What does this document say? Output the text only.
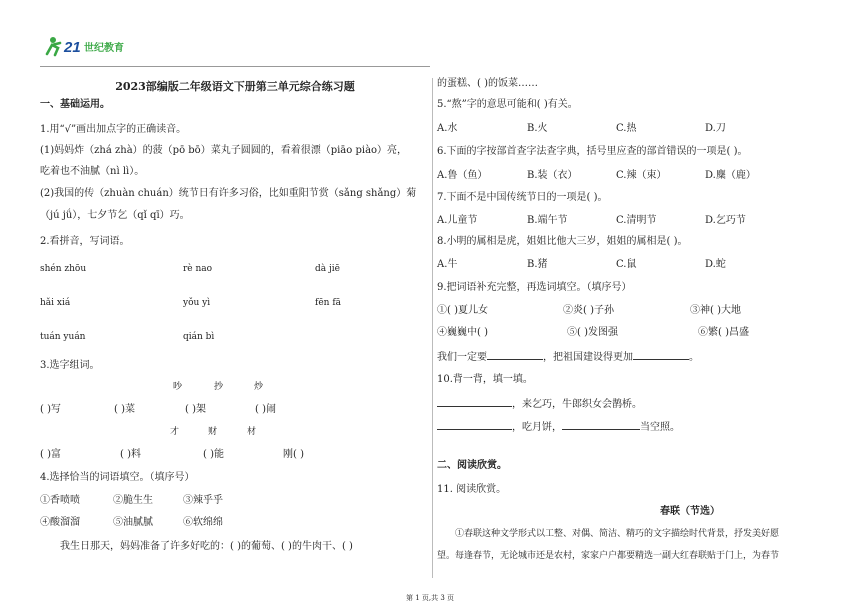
21 世纪教育
2023部编版二年级语文下册第三单元综合练习题
一、基础运用。
1.用“√”画出加点字的正确读音。
(1)妈妈炸（zhá zhà）的菠（pō bō）菜丸子圆圆的，看着很漂（piāo piào）亮，
吃着也不油腻（nì lì）。
(2)我国的传（zhuàn chuán）统节日有许多习俗，比如重阳节赏（sǎng shǎng）菊
（jú jǘ），七夕节乞（qǐ qī）巧。
2.看拼音，写词语。
shén zhōu	rè nao	dà jiē
hǎi xiá	yǒu yì	fēn fā
tuán yuán	qián bì
3.选字组词。
吵	抄	炒
( )写	( )菜	( )架	( )闹
才	财	材
( )富	( )料	( )能	刚( )
4.选择恰当的词语填空。（填序号）
①香喷喷	②脆生生	③辣乎乎
④酸溜溜	⑤油腻腻	⑥软绵绵
我生日那天，妈妈准备了许多好吃的：( )的葡萄、( )的牛肉干、( )
的蛋糕、( )的饭菜……
5.“熬”字的意思可能和( )有关。
A.水	B.火	C.热	D.刀
6.下面的字按部首查字法查字典，括号里应查的部首错误的一项是( )。
A.鲁（鱼）	B.装（衣）	C.辣（束）	D.麋（鹿）
7.下面不是中国传统节日的一项是( )。
A.儿童节	B.端午节	C.清明节	D.乞巧节
8.小明的属相是虎，姐姐比他大三岁，姐姐的属相是( )。
A.牛	B.猪	C.鼠	D.蛇
9.把词语补充完整，再选词填空。（填序号）
①( )夏儿女	②炎( )子孙	③神( )大地
④巍巍中( )	⑤( )发图强	⑥繁( )昌盛
我们一定要	，把祖国建设得更加	。
10.背一背，填一填。
，来乞巧，牛郎织女会鹊桥。
，吃月饼，	当空照。
二、阅读欣赏。
11. 阅读欣赏。
春联（节选）
①春联这种文学形式以工整、对偶、简洁、精巧的文字描绘时代背景，抒发美好愿
望。每逢春节，无论城市还是农村，家家户户都要精选一副大红春联贴于门上，为春节
第 1 页,共 3 页
